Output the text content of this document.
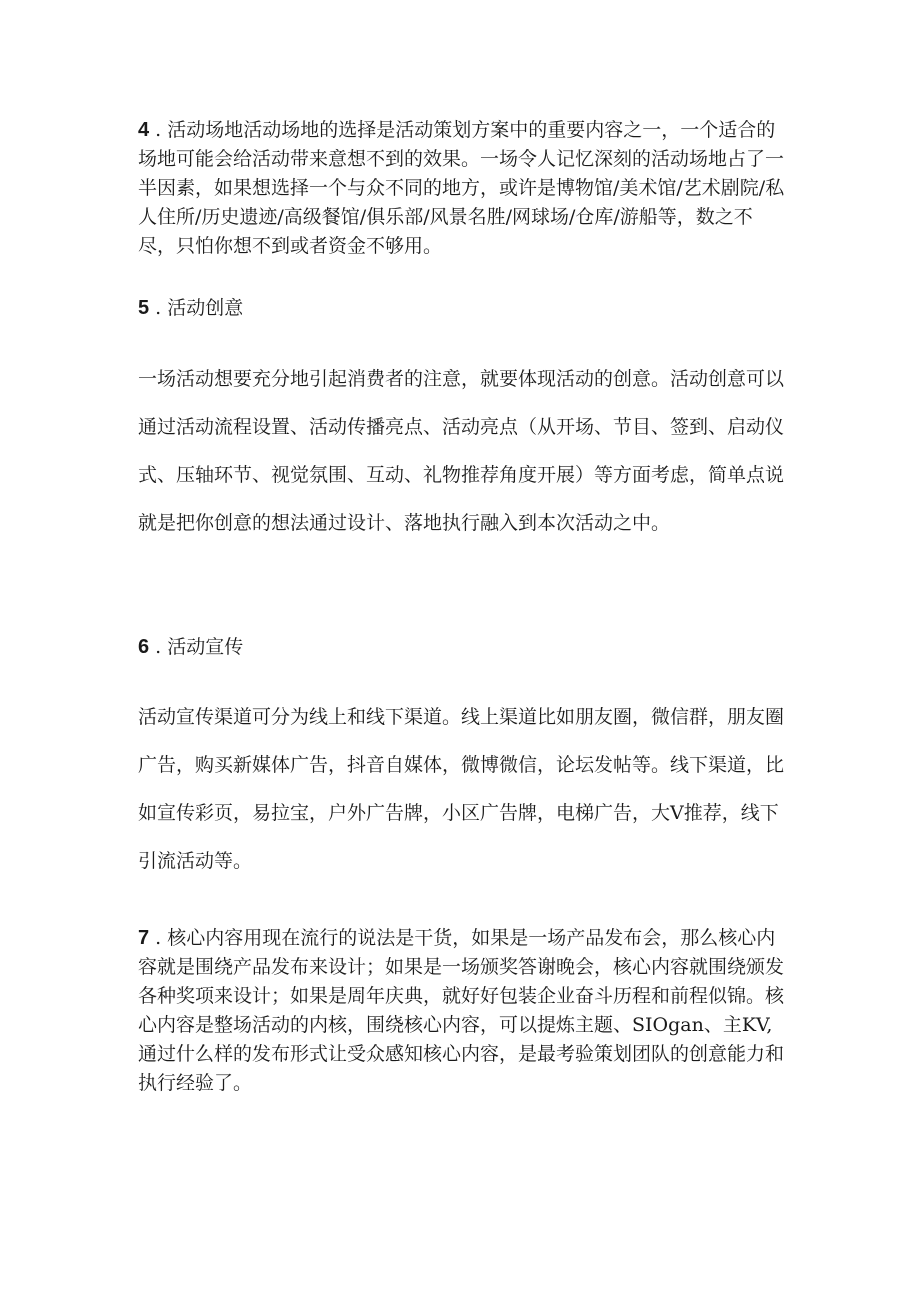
4 . 活动场地活动场地的选择是活动策划方案中的重要内容之一，一个适合的场地可能会给活动带来意想不到的效果。一场令人记忆深刻的活动场地占了一半因素，如果想选择一个与众不同的地方，或许是博物馆/美术馆/艺术剧院/私人住所/历史遗迹/高级餐馆/俱乐部/风景名胜/网球场/仓库/游船等，数之不尽，只怕你想不到或者资金不够用。
5 . 活动创意
一场活动想要充分地引起消费者的注意，就要体现活动的创意。活动创意可以通过活动流程设置、活动传播亮点、活动亮点（从开场、节目、签到、启动仪式、压轴环节、视觉氛围、互动、礼物推荐角度开展）等方面考虑，简单点说就是把你创意的想法通过设计、落地执行融入到本次活动之中。
6 . 活动宣传
活动宣传渠道可分为线上和线下渠道。线上渠道比如朋友圈，微信群，朋友圈广告，购买新媒体广告，抖音自媒体，微博微信，论坛发帖等。线下渠道，比如宣传彩页，易拉宝，户外广告牌，小区广告牌，电梯广告，大V推荐，线下引流活动等。
7 . 核心内容用现在流行的说法是干货，如果是一场产品发布会，那么核心内容就是围绕产品发布来设计；如果是一场颁奖答谢晚会，核心内容就围绕颁发各种奖项来设计；如果是周年庆典，就好好包装企业奋斗历程和前程似锦。核心内容是整场活动的内核，围绕核心内容，可以提炼主题、SIOgan、主KV,通过什么样的发布形式让受众感知核心内容，是最考验策划团队的创意能力和执行经验了。
